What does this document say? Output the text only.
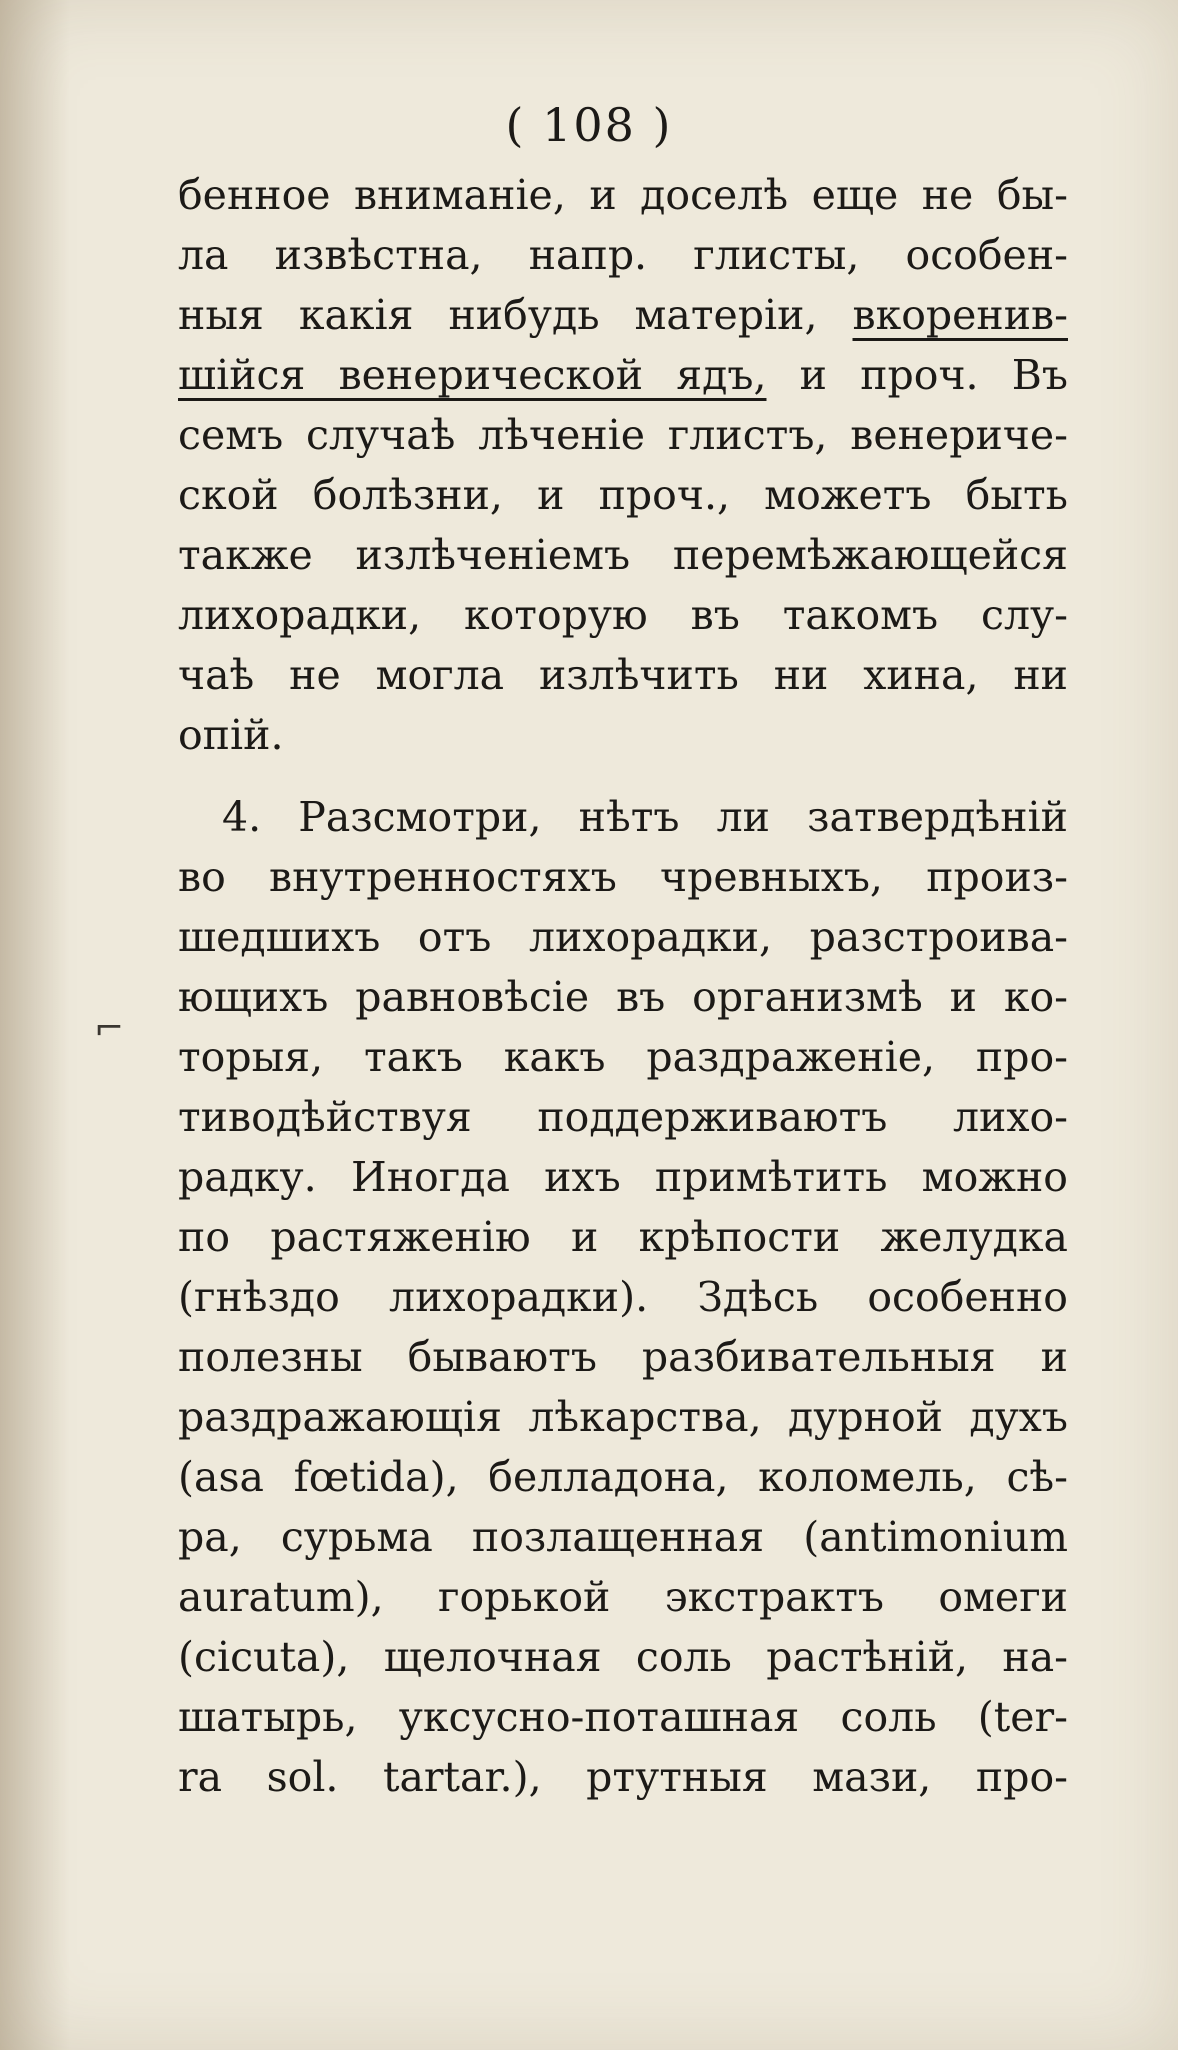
( 108 )
⌐
бенное вниманіе, и доселѣ еще не бы-
ла извѣстна, напр. глисты, особен-
ныя какія нибудь матеріи, вкоренив-
шійся венерической ядъ, и проч. Въ
семъ случаѣ лѣченіе глистъ, венериче-
ской болѣзни, и проч., можетъ быть
также излѣченіемъ перемѣжающейся
лихорадки, которую въ такомъ слу-
чаѣ не могла излѣчить ни хина, ни
опій.
4. Разсмотри, нѣтъ ли затвердѣній
во внутренностяхъ чревныхъ, произ-
шедшихъ отъ лихорадки, разстроива-
ющихъ равновѣсіе въ организмѣ и ко-
торыя, такъ какъ раздраженіе, про-
тиводѣйствуя поддерживаютъ лихо-
радку. Иногда ихъ примѣтить можно
по растяженію и крѣпости желудка
(гнѣздо лихорадки). Здѣсь особенно
полезны бываютъ разбивательныя и
раздражающія лѣкарства, дурной духъ
(asa fœtida), белладона, коломель, сѣ-
ра, сурьма позлащенная (antimonium
auratum), горькой экстрактъ омеги
(cicuta), щелочная соль растѣній, на-
шатырь, уксусно-поташная соль (ter-
ra sol. tartar.), ртутныя мази, про-
